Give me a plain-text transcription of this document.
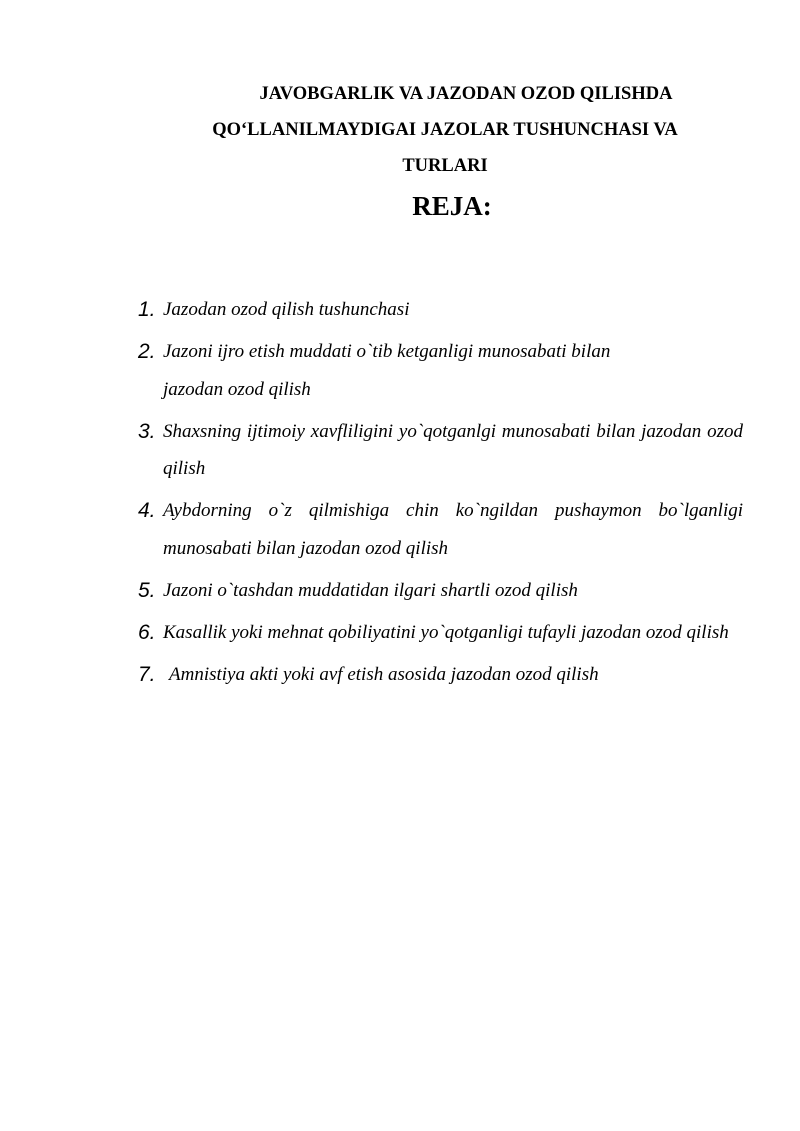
JAVOBGARLIK VA JAZODAN OZOD QILISHDA
QO‘LLANILMAYDIGAI JAZOLAR TUSHUNCHASI VA
TURLARI
REJA:
1. Jazodan ozod qilish tushunchasi
2. Jazoni ijro etish muddati o`tib ketganligi munosabati bilan jazodan ozod qilish
3. Shaxsning ijtimoiy xavfliligini yo`qotganlgi munosabati bilan jazodan ozod qilish
4. Aybdorning o`z qilmishiga chin ko`ngildan pushaymon bo`lganligi munosabati bilan jazodan ozod qilish
5. Jazoni o`tashdan muddatidan ilgari shartli ozod qilish
6. Kasallik yoki mehnat qobiliyatini yo`qotganligi tufayli jazodan ozod qilish
7. Amnistiya akti yoki avf etish asosida jazodan ozod qilish
